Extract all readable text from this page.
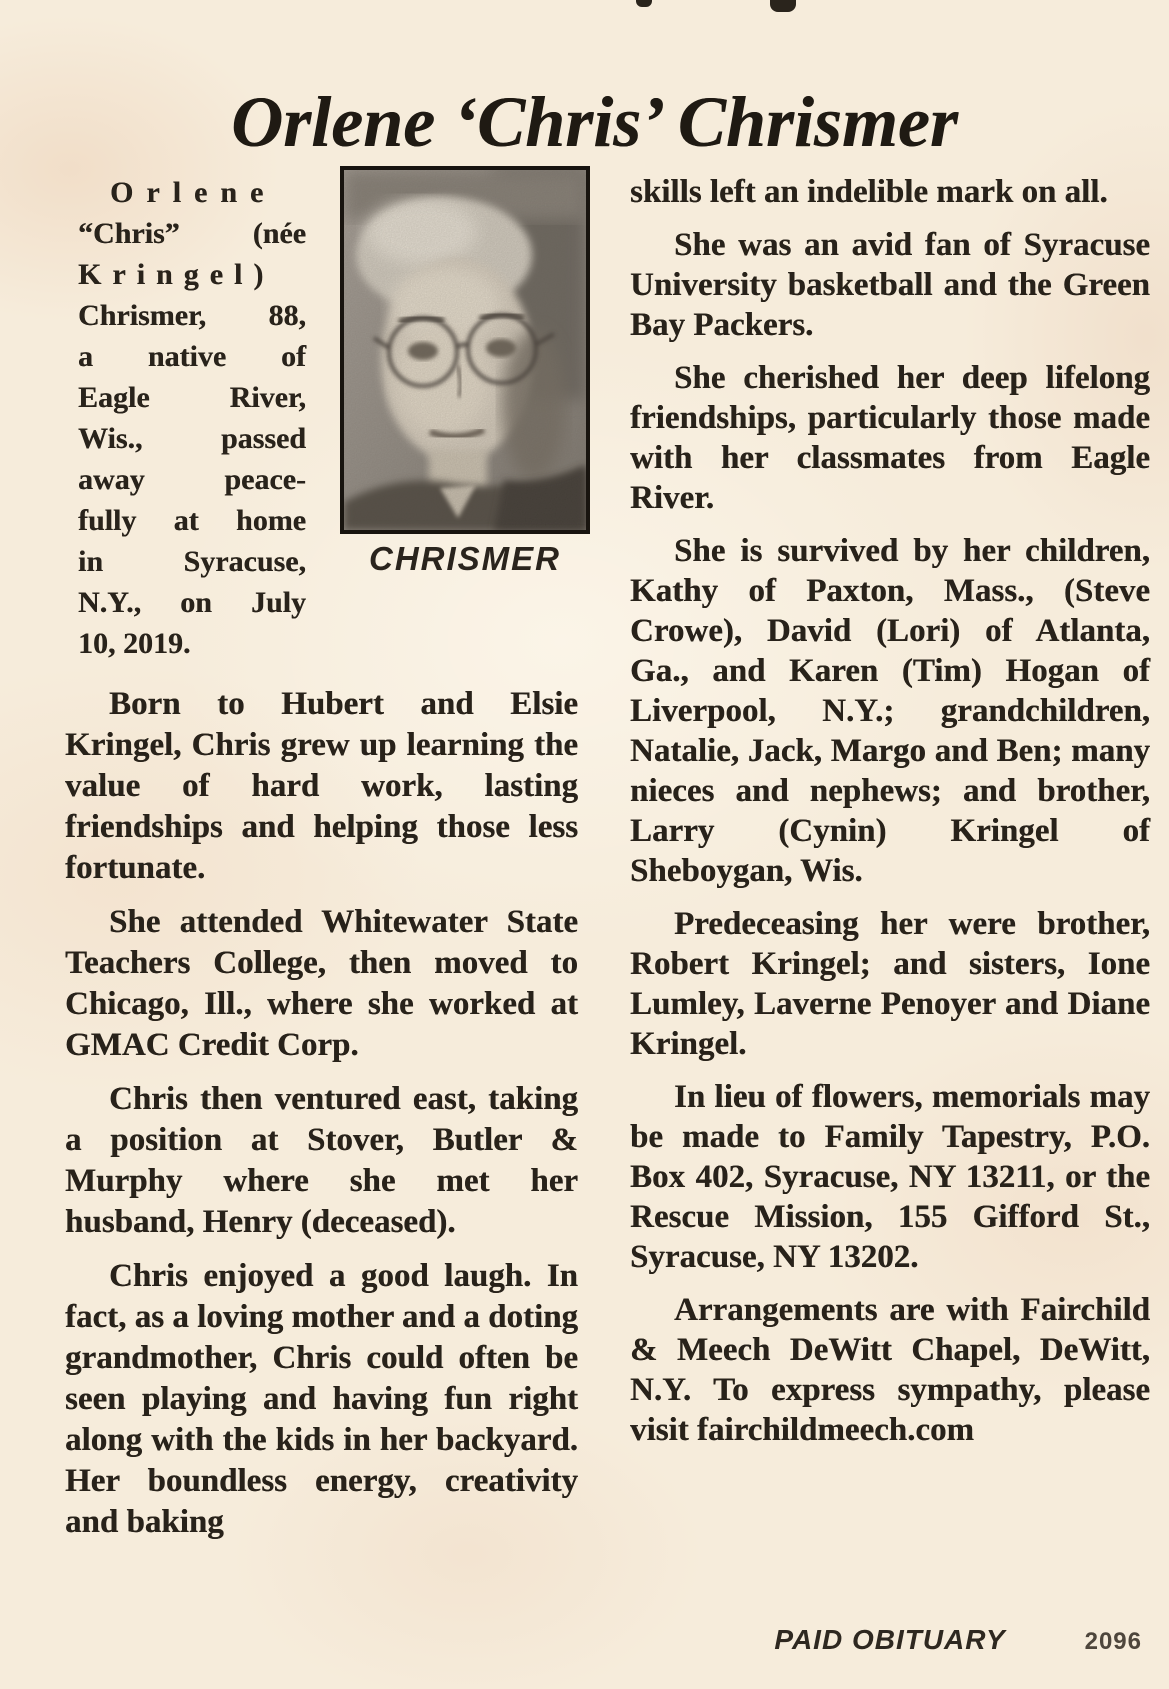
Orlene ‘Chris’ Chrismer
Orlene
“Chris” (née
Kringel)
Chrismer, 88,
a native of
Eagle River,
Wis., passed
away peace-
fully at home
in Syracuse,
N.Y., on July
10, 2019.
CHRISMER

Born to Hubert and Elsie Kringel, Chris grew up learning the value of hard work, lasting friendships and helping those less fortunate.

She attended Whitewater State Teachers College, then moved to Chicago, Ill., where she worked at GMAC Credit Corp.

Chris then ventured east, taking a position at Stover, Butler & Murphy where she met her husband, Henry (deceased).

Chris enjoyed a good laugh. In fact, as a loving mother and a doting grandmother, Chris could often be seen playing and having fun right along with the kids in her backyard. Her boundless energy, creativity and baking

skills left an indelible mark on all.

She was an avid fan of Syracuse University basketball and the Green Bay Packers.

She cherished her deep lifelong friendships, particularly those made with her classmates from Eagle River.

She is survived by her children, Kathy of Paxton, Mass., (Steve Crowe), David (Lori) of Atlanta, Ga., and Karen (Tim) Hogan of Liverpool, N.Y.; grandchildren, Natalie, Jack, Margo and Ben; many nieces and nephews; and brother, Larry (Cynin) Kringel of Sheboygan, Wis.

Predeceasing her were brother, Robert Kringel; and sisters, Ione Lumley, Laverne Penoyer and Diane Kringel.

In lieu of flowers, memorials may be made to Family Tapestry, P.O. Box 402, Syracuse, NY 13211, or the Rescue Mission, 155 Gifford St., Syracuse, NY 13202.

Arrangements are with Fairchild & Meech DeWitt Chapel, DeWitt, N.Y. To express sympathy, please visit fairchildmeech.com

PAID OBITUARY	2096
